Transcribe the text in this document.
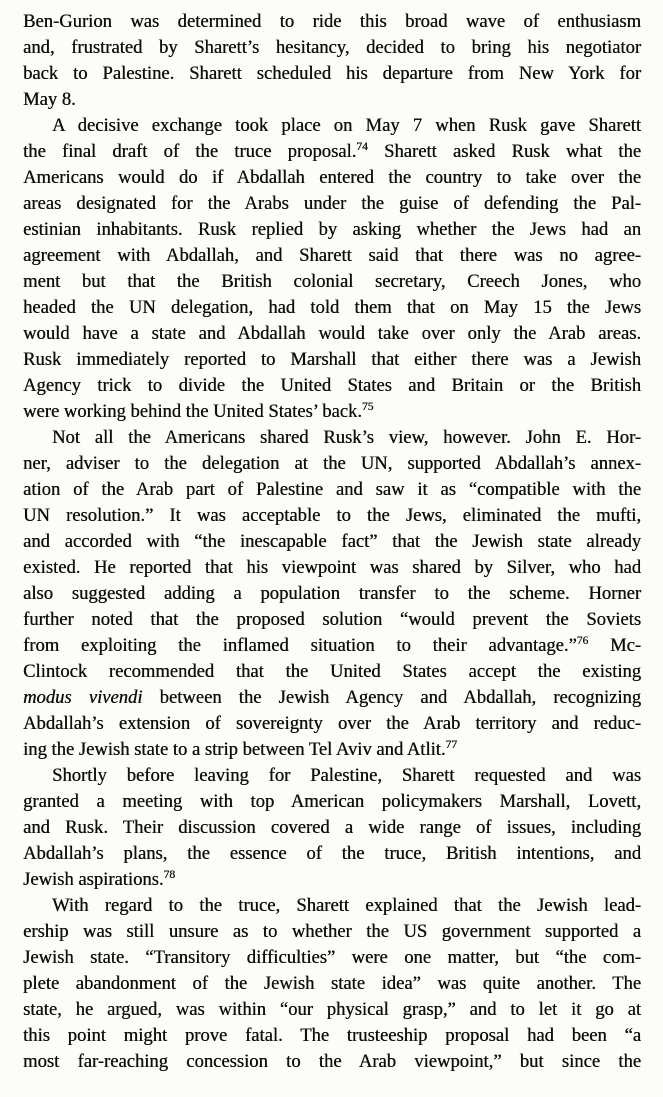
Ben-Gurion was determined to ride this broad wave of enthusiasm
and, frustrated by Sharett’s hesitancy, decided to bring his negotiator
back to Palestine. Sharett scheduled his departure from New York for
May 8.
A decisive exchange took place on May 7 when Rusk gave Sharett
the final draft of the truce proposal.$^{74}$ Sharett asked Rusk what the
Americans would do if Abdallah entered the country to take over the
areas designated for the Arabs under the guise of defending the Pal-
estinian inhabitants. Rusk replied by asking whether the Jews had an
agreement with Abdallah, and Sharett said that there was no agree-
ment but that the British colonial secretary, Creech Jones, who
headed the UN delegation, had told them that on May 15 the Jews
would have a state and Abdallah would take over only the Arab areas.
Rusk immediately reported to Marshall that either there was a Jewish
Agency trick to divide the United States and Britain or the British
were working behind the United States’ back.$^{75}$
Not all the Americans shared Rusk’s view, however. John E. Hor-
ner, adviser to the delegation at the UN, supported Abdallah’s annex-
ation of the Arab part of Palestine and saw it as “compatible with the
UN resolution.” It was acceptable to the Jews, eliminated the mufti,
and accorded with “the inescapable fact” that the Jewish state already
existed. He reported that his viewpoint was shared by Silver, who had
also suggested adding a population transfer to the scheme. Horner
further noted that the proposed solution “would prevent the Soviets
from exploiting the inflamed situation to their advantage.”$^{76}$ Mc-
Clintock recommended that the United States accept the existing
modus vivendi between the Jewish Agency and Abdallah, recognizing
Abdallah’s extension of sovereignty over the Arab territory and reduc-
ing the Jewish state to a strip between Tel Aviv and Atlit.$^{77}$
Shortly before leaving for Palestine, Sharett requested and was
granted a meeting with top American policymakers Marshall, Lovett,
and Rusk. Their discussion covered a wide range of issues, including
Abdallah’s plans, the essence of the truce, British intentions, and
Jewish aspirations.$^{78}$
With regard to the truce, Sharett explained that the Jewish lead-
ership was still unsure as to whether the US government supported a
Jewish state. “Transitory difficulties” were one matter, but “the com-
plete abandonment of the Jewish state idea” was quite another. The
state, he argued, was within “our physical grasp,” and to let it go at
this point might prove fatal. The trusteeship proposal had been “a
most far-reaching concession to the Arab viewpoint,” but since the
